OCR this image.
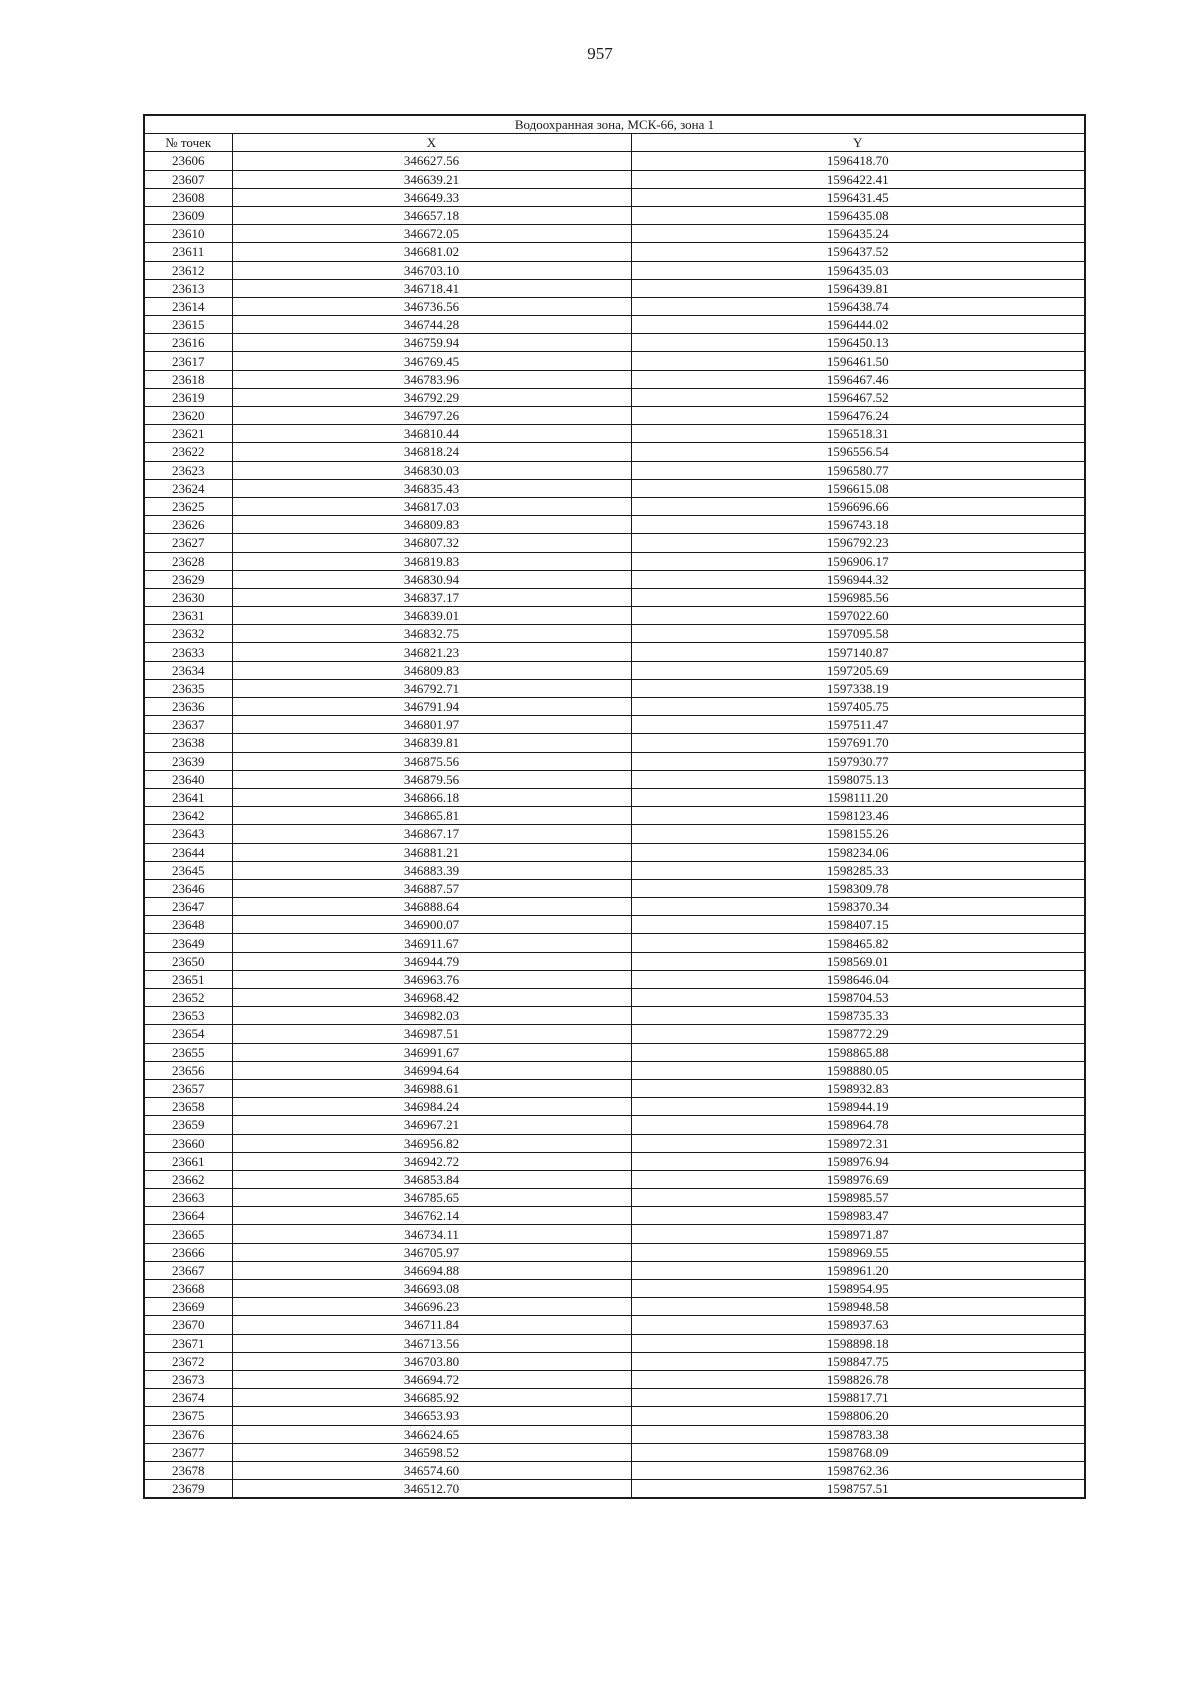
957
Водоохранная зона, МСК-66, зона 1		
№ точек	X	Y
23606	346627.56	1596418.70
23607	346639.21	1596422.41
23608	346649.33	1596431.45
23609	346657.18	1596435.08
23610	346672.05	1596435.24
23611	346681.02	1596437.52
23612	346703.10	1596435.03
23613	346718.41	1596439.81
23614	346736.56	1596438.74
23615	346744.28	1596444.02
23616	346759.94	1596450.13
23617	346769.45	1596461.50
23618	346783.96	1596467.46
23619	346792.29	1596467.52
23620	346797.26	1596476.24
23621	346810.44	1596518.31
23622	346818.24	1596556.54
23623	346830.03	1596580.77
23624	346835.43	1596615.08
23625	346817.03	1596696.66
23626	346809.83	1596743.18
23627	346807.32	1596792.23
23628	346819.83	1596906.17
23629	346830.94	1596944.32
23630	346837.17	1596985.56
23631	346839.01	1597022.60
23632	346832.75	1597095.58
23633	346821.23	1597140.87
23634	346809.83	1597205.69
23635	346792.71	1597338.19
23636	346791.94	1597405.75
23637	346801.97	1597511.47
23638	346839.81	1597691.70
23639	346875.56	1597930.77
23640	346879.56	1598075.13
23641	346866.18	1598111.20
23642	346865.81	1598123.46
23643	346867.17	1598155.26
23644	346881.21	1598234.06
23645	346883.39	1598285.33
23646	346887.57	1598309.78
23647	346888.64	1598370.34
23648	346900.07	1598407.15
23649	346911.67	1598465.82
23650	346944.79	1598569.01
23651	346963.76	1598646.04
23652	346968.42	1598704.53
23653	346982.03	1598735.33
23654	346987.51	1598772.29
23655	346991.67	1598865.88
23656	346994.64	1598880.05
23657	346988.61	1598932.83
23658	346984.24	1598944.19
23659	346967.21	1598964.78
23660	346956.82	1598972.31
23661	346942.72	1598976.94
23662	346853.84	1598976.69
23663	346785.65	1598985.57
23664	346762.14	1598983.47
23665	346734.11	1598971.87
23666	346705.97	1598969.55
23667	346694.88	1598961.20
23668	346693.08	1598954.95
23669	346696.23	1598948.58
23670	346711.84	1598937.63
23671	346713.56	1598898.18
23672	346703.80	1598847.75
23673	346694.72	1598826.78
23674	346685.92	1598817.71
23675	346653.93	1598806.20
23676	346624.65	1598783.38
23677	346598.52	1598768.09
23678	346574.60	1598762.36
23679	346512.70	1598757.51
